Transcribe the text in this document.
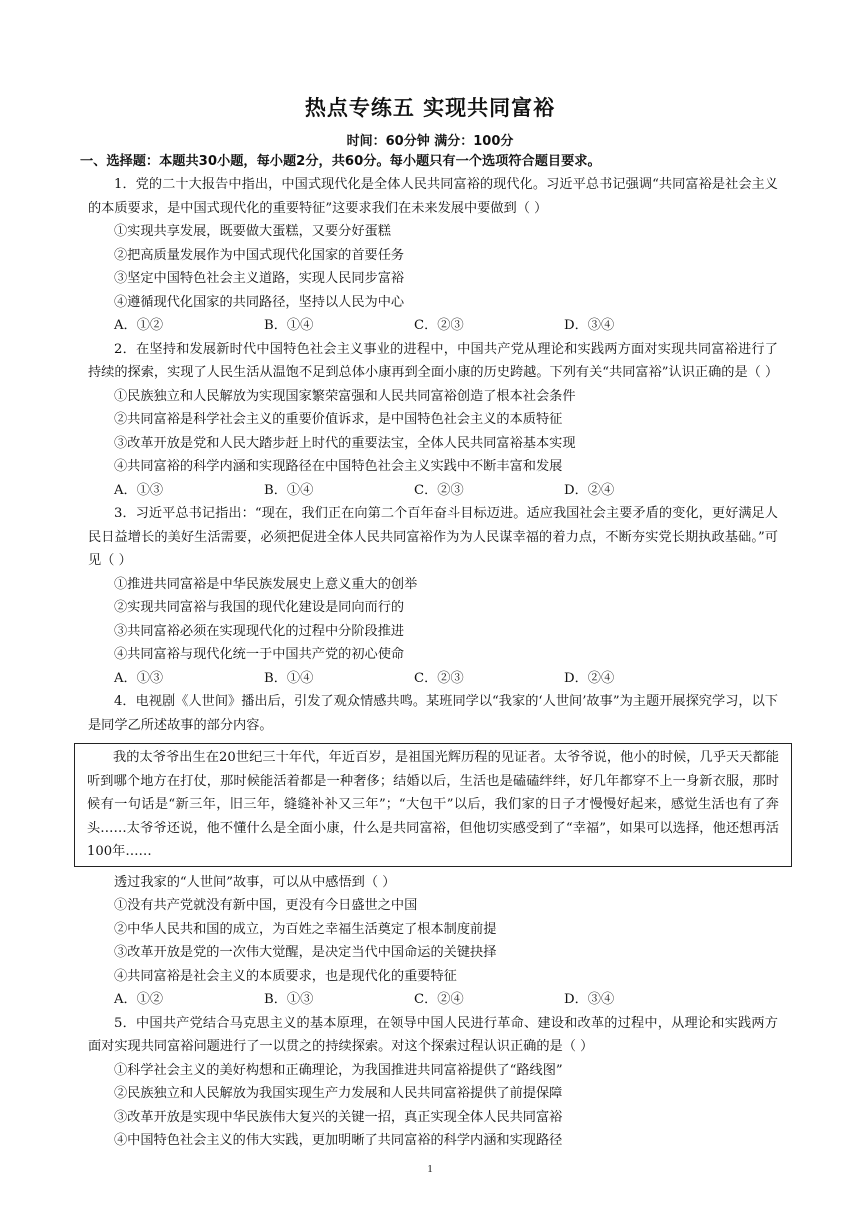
热点专练五 实现共同富裕
时间：60分钟 满分：100分
一、选择题：本题共30小题，每小题2分，共60分。每小题只有一个选项符合题目要求。

1．党的二十大报告中指出，中国式现代化是全体人民共同富裕的现代化。习近平总书记强调“共同富裕是社会主义的本质要求，是中国式现代化的重要特征”这要求我们在未来发展中要做到（ ）

①实现共享发展，既要做大蛋糕，又要分好蛋糕

②把高质量发展作为中国式现代化国家的首要任务

③坚定中国特色社会主义道路，实现人民同步富裕

④遵循现代化国家的共同路径，坚持以人民为中心

A．①②	B．①④	C．②③	D．③④

2．在坚持和发展新时代中国特色社会主义事业的进程中，中国共产党从理论和实践两方面对实现共同富裕进行了持续的探索，实现了人民生活从温饱不足到总体小康再到全面小康的历史跨越。下列有关“共同富裕”认识正确的是（ ）

①民族独立和人民解放为实现国家繁荣富强和人民共同富裕创造了根本社会条件

②共同富裕是科学社会主义的重要价值诉求，是中国特色社会主义的本质特征

③改革开放是党和人民大踏步赶上时代的重要法宝，全体人民共同富裕基本实现

④共同富裕的科学内涵和实现路径在中国特色社会主义实践中不断丰富和发展

A．①③	B．①④	C．②③	D．②④

3．习近平总书记指出：“现在，我们正在向第二个百年奋斗目标迈进。适应我国社会主要矛盾的变化，更好满足人民日益增长的美好生活需要，必须把促进全体人民共同富裕作为为人民谋幸福的着力点，不断夯实党长期执政基础。”可见（ ）

①推进共同富裕是中华民族发展史上意义重大的创举

②实现共同富裕与我国的现代化建设是同向而行的

③共同富裕必须在实现现代化的过程中分阶段推进

④共同富裕与现代化统一于中国共产党的初心使命

A．①③	B．①④	C．②③	D．②④

4．电视剧《人世间》播出后，引发了观众情感共鸣。某班同学以“我家的‘人世间’故事”为主题开展探究学习，以下是同学乙所述故事的部分内容。

我的太爷爷出生在20世纪三十年代，年近百岁，是祖国光辉历程的见证者。太爷爷说，他小的时候，几乎天天都能听到哪个地方在打仗，那时候能活着都是一种奢侈；结婚以后，生活也是磕磕绊绊，好几年都穿不上一身新衣服，那时候有一句话是“新三年，旧三年，缝缝补补又三年”；“大包干”以后，我们家的日子才慢慢好起来，感觉生活也有了奔头……太爷爷还说，他不懂什么是全面小康，什么是共同富裕，但他切实感受到了“幸福”，如果可以选择，他还想再活100年……

透过我家的“人世间”故事，可以从中感悟到（ ）

①没有共产党就没有新中国，更没有今日盛世之中国

②中华人民共和国的成立，为百姓之幸福生活奠定了根本制度前提

③改革开放是党的一次伟大觉醒，是决定当代中国命运的关键抉择

④共同富裕是社会主义的本质要求，也是现代化的重要特征

A．①②	B．①③	C．②④	D．③④

5．中国共产党结合马克思主义的基本原理，在领导中国人民进行革命、建设和改革的过程中，从理论和实践两方面对实现共同富裕问题进行了一以贯之的持续探索。对这个探索过程认识正确的是（ ）

①科学社会主义的美好构想和正确理论，为我国推进共同富裕提供了“路线图”

②民族独立和人民解放为我国实现生产力发展和人民共同富裕提供了前提保障

③改革开放是实现中华民族伟大复兴的关键一招，真正实现全体人民共同富裕

④中国特色社会主义的伟大实践，更加明晰了共同富裕的科学内涵和实现路径

1
